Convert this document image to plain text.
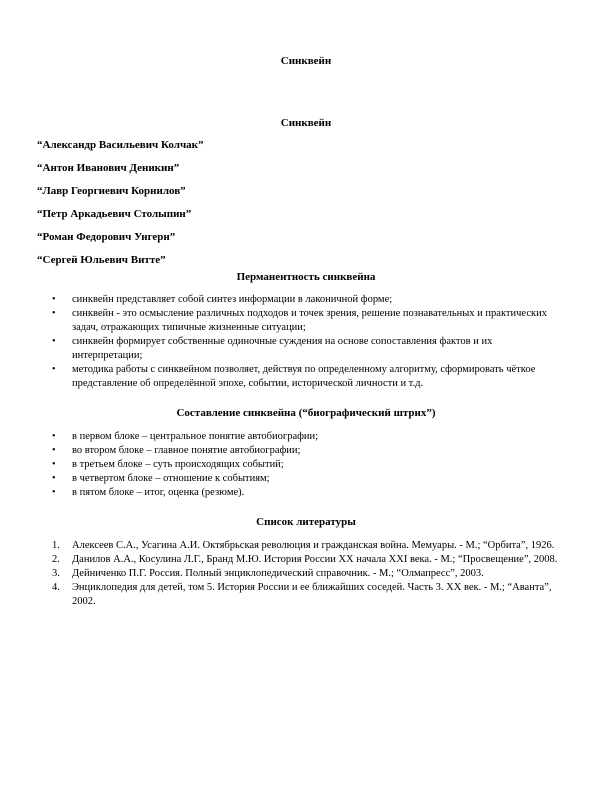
Синквейн
Синквейн
“Александр Васильевич Колчак”
“Антон Иванович Деникин”
“Лавр Георгиевич Корнилов”
“Петр Аркадьевич Столыпин”
“Роман Федорович Унгерн”
“Сергей Юльевич Витте”
Перманентность синквейна
•	синквейн представляет собой синтез информации в лаконичной форме;
•	синквейн - это осмысление различных подходов и точек зрения, решение познавательных и практических задач, отражающих типичные жизненные ситуации;
•	синквейн формирует собственные одиночные суждения на основе сопоставления фактов и их интерпретации;
•	методика работы с синквейном позволяет, действуя по определенному алгоритму, сформировать чёткое представление об определённой эпохе, событии, исторической личности и т.д.
Составление синквейна (“биографический штрих”)
•	в первом блоке – центральное понятие автобиографии;
•	во втором блоке – главное понятие автобиографии;
•	в третьем блоке – суть происходящих событий;
•	в четвертом блоке – отношение к событиям;
•	в пятом блоке – итог, оценка (резюме).
Список литературы
1. Алексеев С.А., Усагина А.И. Октябрьская революция и гражданская война. Мемуары. - М.; “Орбита”, 1926.
2. Данилов А.А., Косулина Л.Г., Бранд М.Ю. История России XX начала XXI века. - М.; “Просвещение”, 2008.
3. Дейниченко П.Г. Россия. Полный энциклопедический справочник. - М.; “Олмапресс”, 2003.
4. Энциклопедия для детей, том 5. История России и ее ближайших соседей. Часть 3. XX век. - М.; “Аванта”, 2002.
